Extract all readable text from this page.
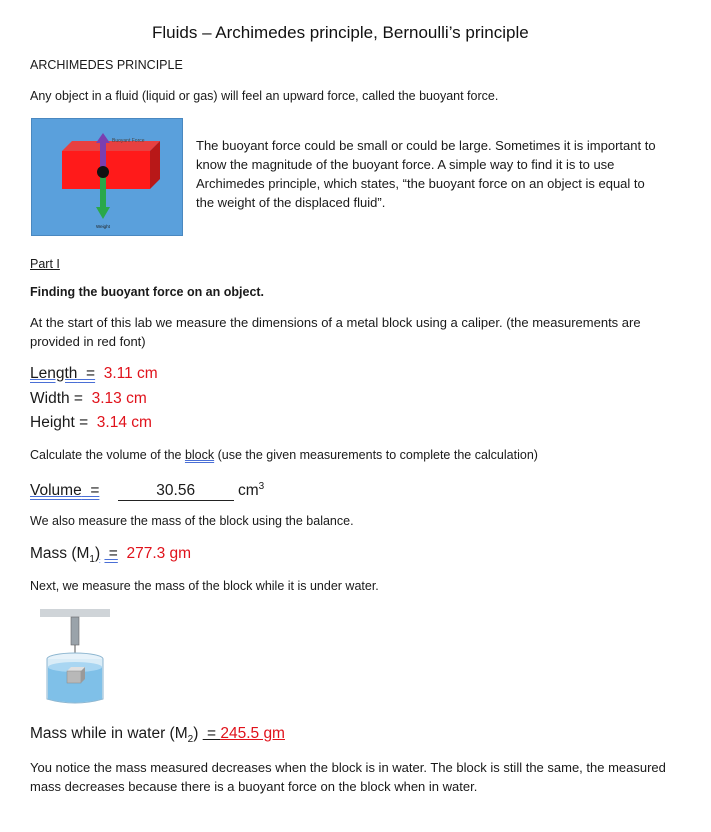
Fluids – Archimedes principle, Bernoulli’s principle
ARCHIMEDES PRINCIPLE
Any object in a fluid (liquid or gas) will feel an upward force, called the buoyant force.
Buoyant Force
Weight
The buoyant force could be small or could be large. Sometimes it is important to know the magnitude of the buoyant force. A simple way to find it is to use Archimedes principle, which states, “the buoyant force on an object is equal to the weight of the displaced fluid”.
Part I
Finding the buoyant force on an object.
At the start of this lab we measure the dimensions of a metal block using a caliper. (the measurements are provided in red font)
Length  = 3.11 cm
Width =  3.13 cm
Height =  3.14 cm
Calculate the volume of the block (use the given measurements to complete the calculation)
Volume  =	30.56	$cm^3$
We also measure the mass of the block using the balance.
Mass $(M_1) = 277.3$ gm
Next, we measure the mass of the block while it is under water.
Mass while in water $(M_2) = 245.5$ gm
You notice the mass measured decreases when the block is in water. The block is still the same, the measured mass decreases because there is a buoyant force on the block when in water.
